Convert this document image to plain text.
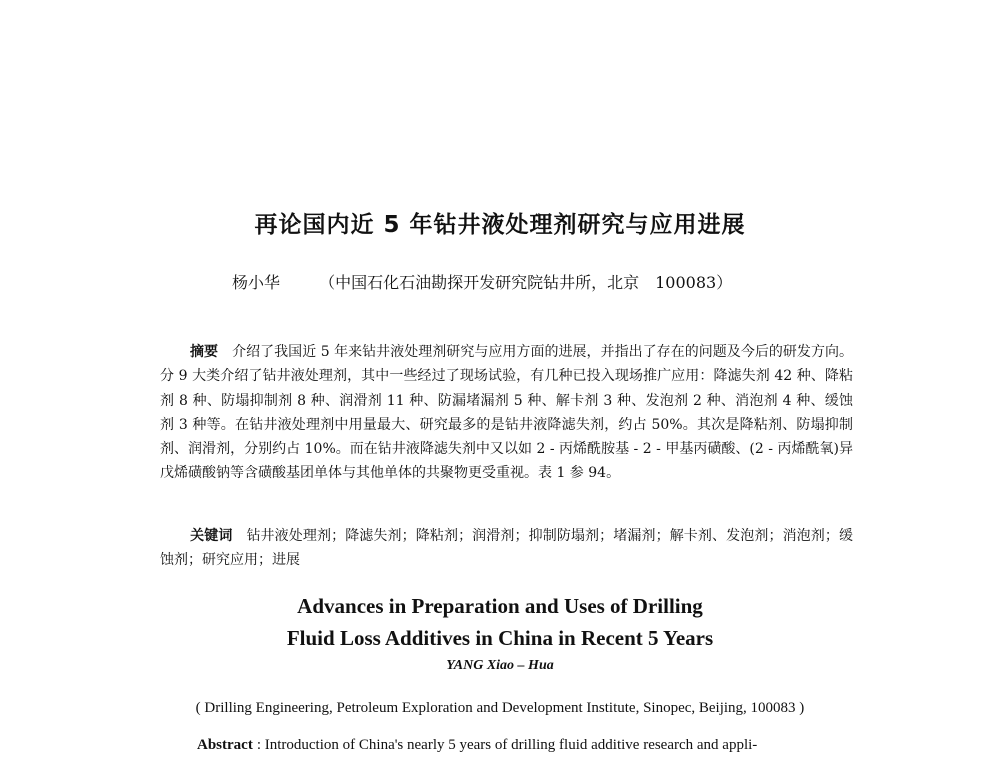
再论国内近 5 年钻井液处理剂研究与应用进展
杨小华 （中国石化石油勘探开发研究院钻井所，北京　100083）
摘要 介绍了我国近 5 年来钻井液处理剂研究与应用方面的进展，并指出了存在的问题及今后的研发方向。分 9 大类介绍了钻井液处理剂，其中一些经过了现场试验，有几种已投入现场推广应用：降滤失剂 42 种、降粘剂 8 种、防塌抑制剂 8 种、润滑剂 11 种、防漏堵漏剂 5 种、解卡剂 3 种、发泡剂 2 种、消泡剂 4 种、缓蚀剂 3 种等。在钻井液处理剂中用量最大、研究最多的是钻井液降滤失剂，约占 50%。其次是降粘剂、防塌抑制剂、润滑剂，分别约占 10%。而在钻井液降滤失剂中又以如 2 - 丙烯酰胺基 - 2 - 甲基丙磺酸、(2 - 丙烯酰氧)异戊烯磺酸钠等含磺酸基团单体与其他单体的共聚物更受重视。表 1 参 94。
关键词 钻井液处理剂；降滤失剂；降粘剂；润滑剂；抑制防塌剂；堵漏剂；解卡剂、发泡剂；消泡剂；缓蚀剂；研究应用；进展
Advances in Preparation and Uses of Drilling
Fluid Loss Additives in China in Recent 5 Years
YANG Xiao – Hua
( Drilling Engineering, Petroleum Exploration and Development Institute, Sinopec, Beijing, 100083 )
Abstract : Introduction of China's nearly 5 years of drilling fluid additive research and appli-
